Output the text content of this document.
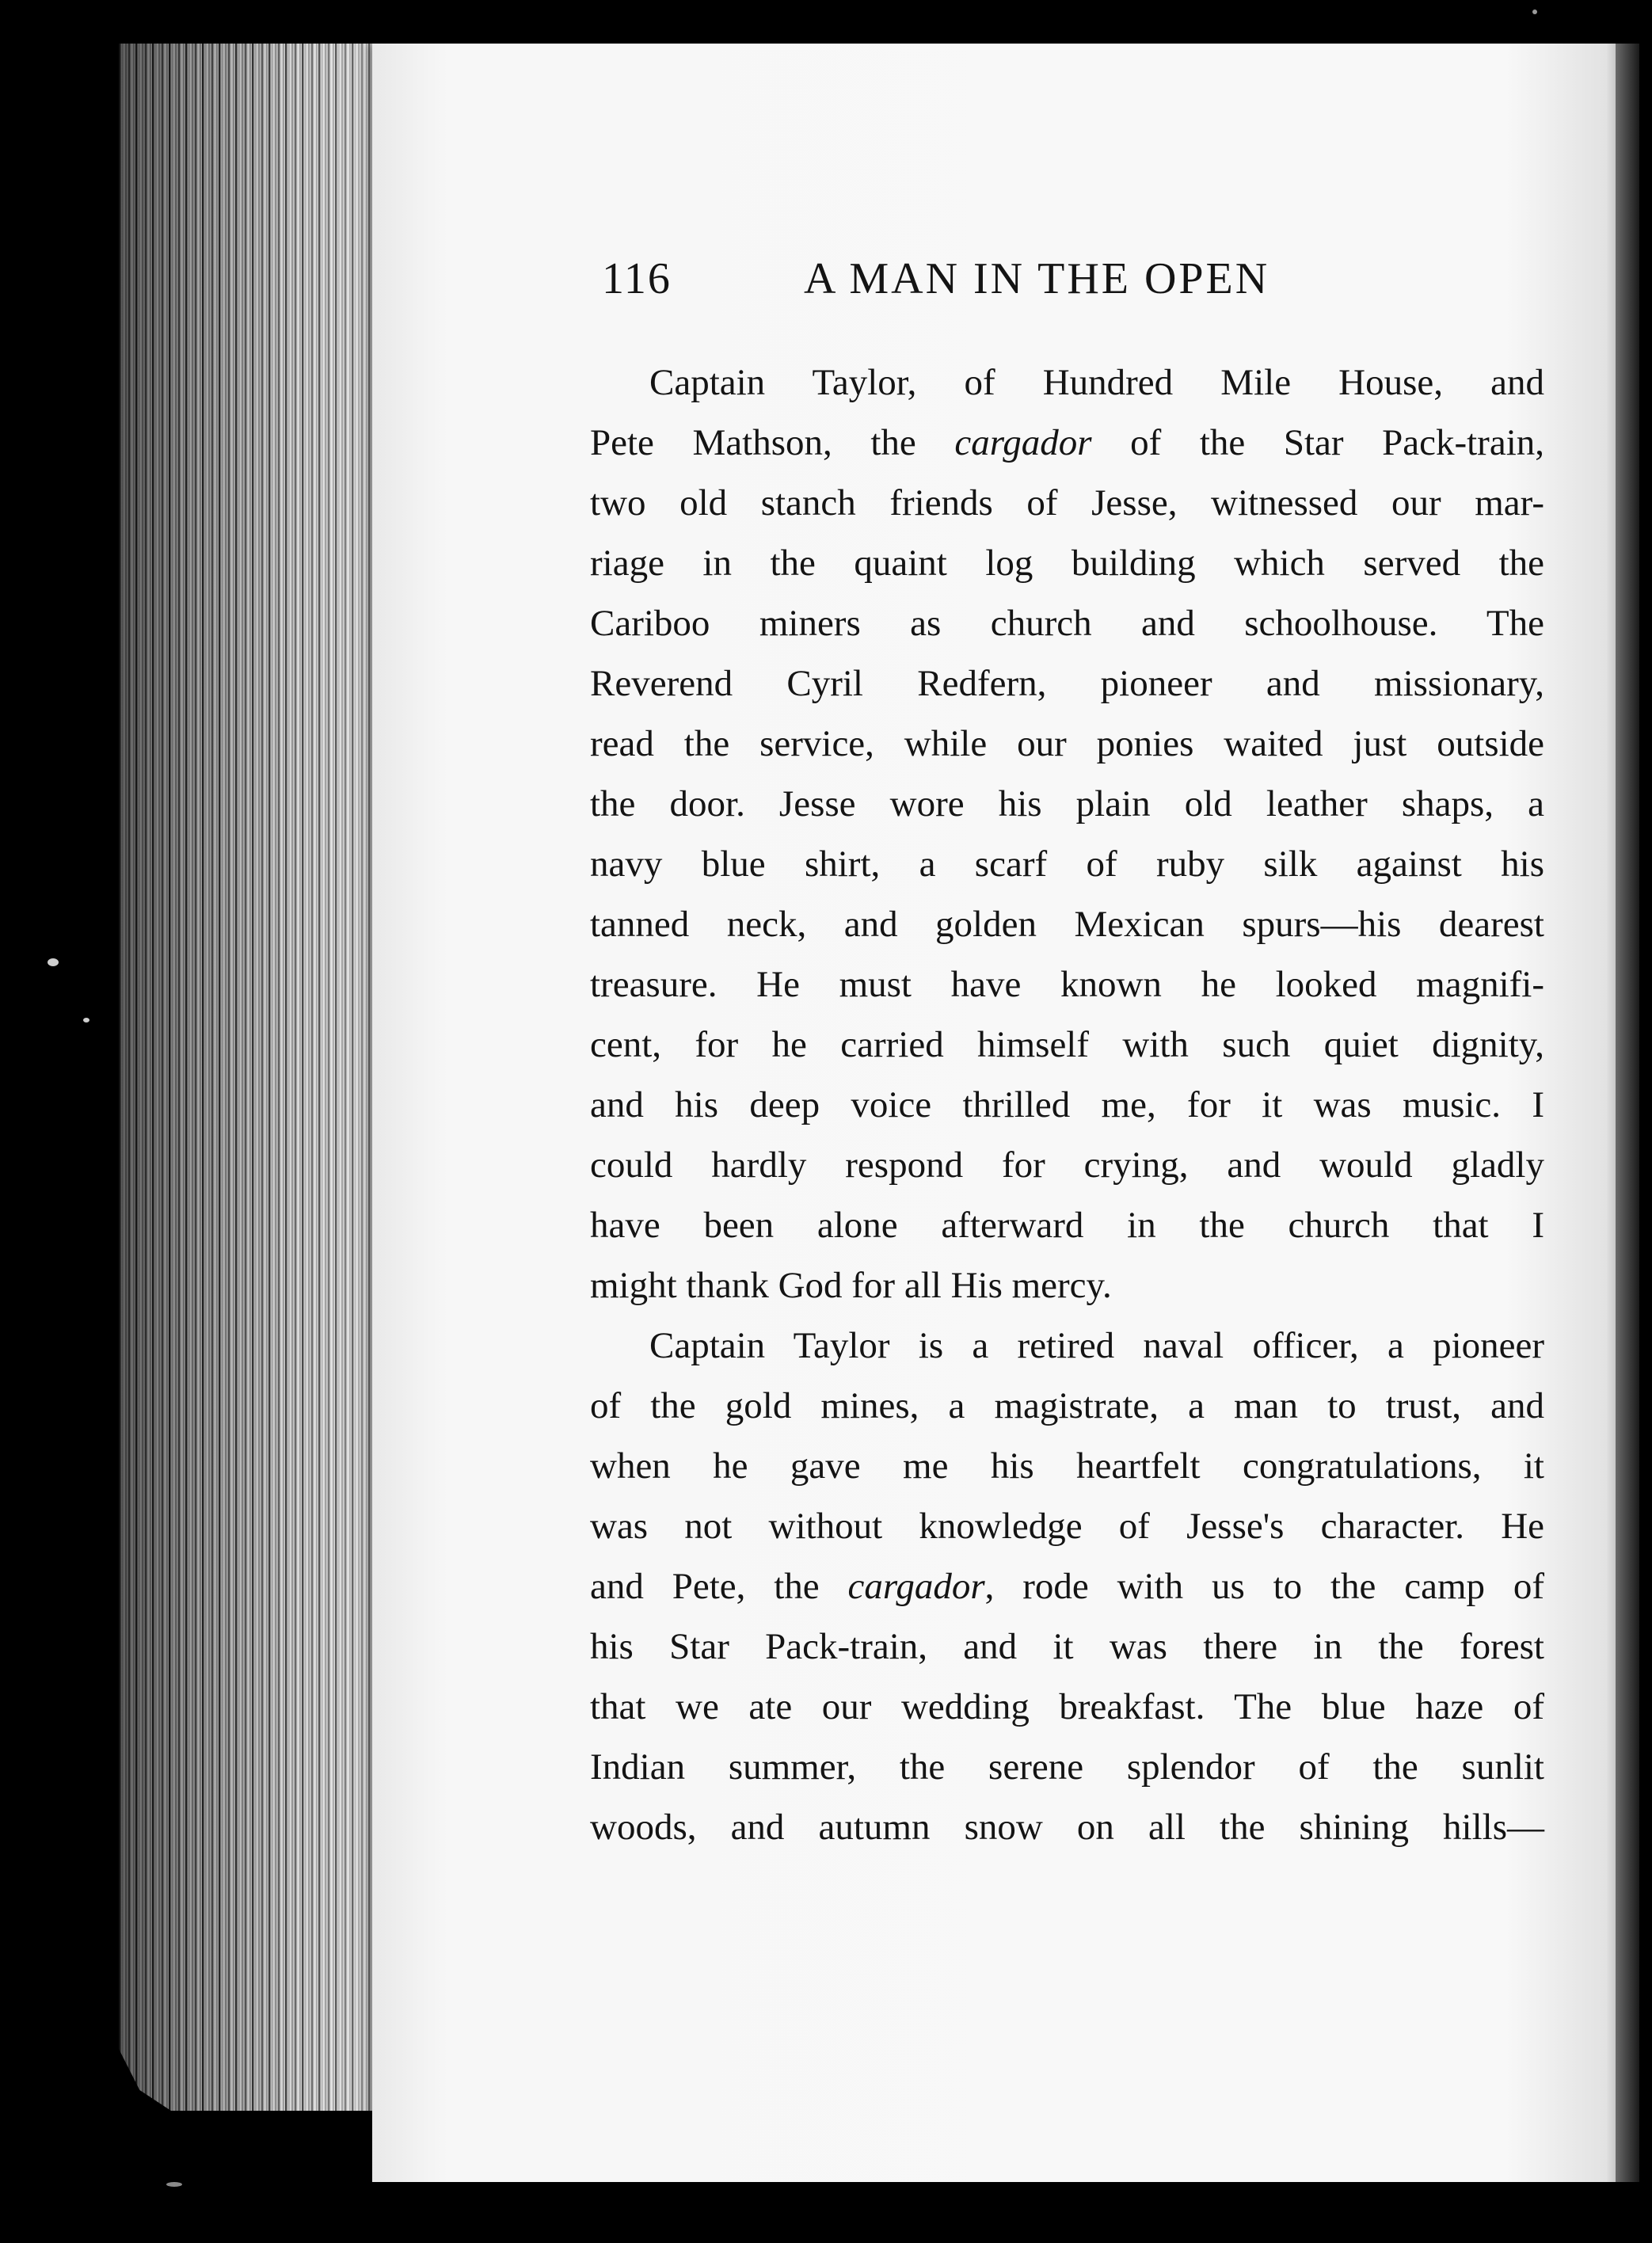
116	A MAN IN THE OPEN
Captain Taylor, of Hundred Mile House, and
Pete Mathson, the cargador of the Star Pack-train,
two old stanch friends of Jesse, witnessed our mar-
riage in the quaint log building which served the
Cariboo miners as church and schoolhouse. The
Reverend Cyril Redfern, pioneer and missionary,
read the service, while our ponies waited just outside
the door. Jesse wore his plain old leather shaps, a
navy blue shirt, a scarf of ruby silk against his
tanned neck, and golden Mexican spurs—his dearest
treasure. He must have known he looked magnifi-
cent, for he carried himself with such quiet dignity,
and his deep voice thrilled me, for it was music. I
could hardly respond for crying, and would gladly
have been alone afterward in the church that I
might thank God for all His mercy.
Captain Taylor is a retired naval officer, a pioneer
of the gold mines, a magistrate, a man to trust, and
when he gave me his heartfelt congratulations, it
was not without knowledge of Jesse's character. He
and Pete, the cargador, rode with us to the camp of
his Star Pack-train, and it was there in the forest
that we ate our wedding breakfast. The blue haze of
Indian summer, the serene splendor of the sunlit
woods, and autumn snow on all the shining hills—
